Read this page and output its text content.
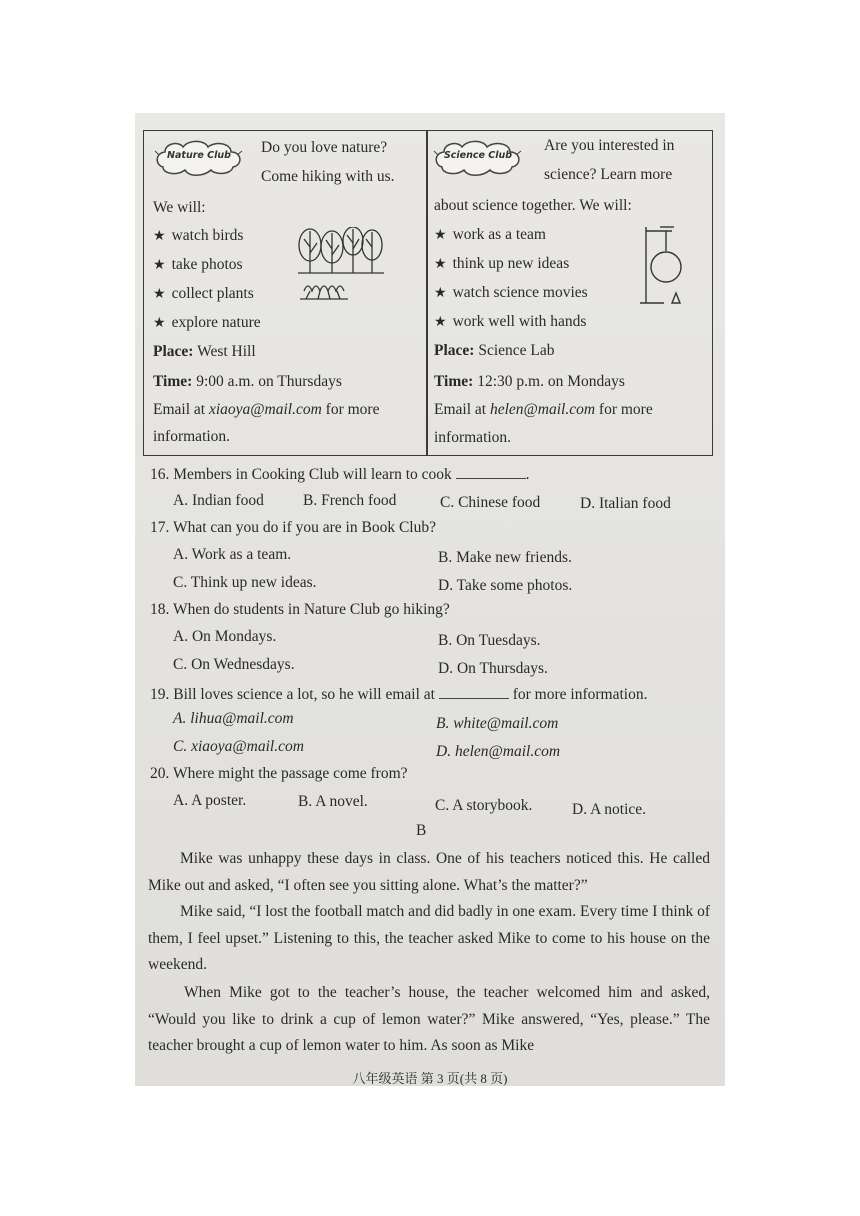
Nature Club	Do you love nature?
Come hiking with us.
We will:
★ watch birds
★ take photos
★ collect plants
★ explore nature
Place: West Hill
Time: 9:00 a.m. on Thursdays
Email at xiaoya@mail.com for more
information.
Science Club
Are you interested in
science? Learn more
about science together. We will:
★ work as a team
★ think up new ideas
★ watch science movies
★ work well with hands
Place: Science Lab
Time: 12:30 p.m. on Mondays
Email at helen@mail.com for more
information.
16. Members in Cooking Club will learn to cook	.
A. Indian food	B. French food	C. Chinese food	D. Italian food
17. What can you do if you are in Book Club?
A. Work as a team.	B. Make new friends.
C. Think up new ideas.	D. Take some photos.
18. When do students in Nature Club go hiking?
A. On Mondays.	B. On Tuesdays.
C. On Wednesdays.	D. On Thursdays.
19. Bill loves science a lot, so he will email at	for more information.
A. lihua@mail.com	B. white@mail.com
C. xiaoya@mail.com	D. helen@mail.com
20. Where might the passage come from?
A. A poster.	B. A novel.	C. A storybook.	D. A notice.
B
Mike was unhappy these days in class. One of his teachers noticed this. He called Mike out and asked, “I often see you sitting alone. What’s the matter?”
Mike said, “I lost the football match and did badly in one exam. Every time I think of them, I feel upset.” Listening to this, the teacher asked Mike to come to his house on the weekend.
When Mike got to the teacher’s house, the teacher welcomed him and asked, “Would you like to drink a cup of lemon water?” Mike answered, “Yes, please.” The teacher brought a cup of lemon water to him. As soon as Mike
八年级英语 第 3 页(共 8 页)
